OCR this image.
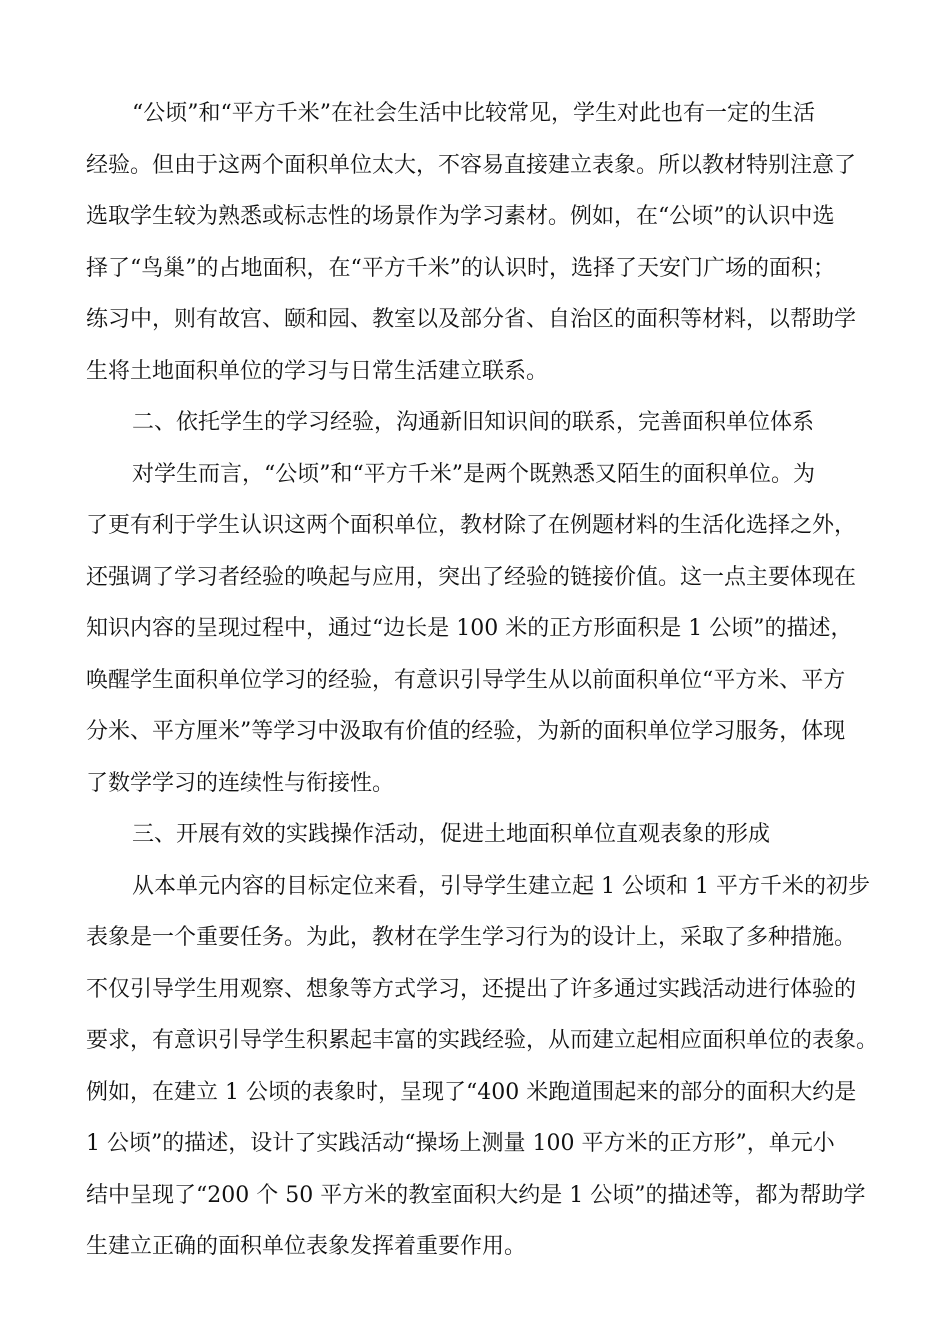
“公顷”和“平方千米”在社会生活中比较常见，学生对此也有一定的生活
经验。但由于这两个面积单位太大，不容易直接建立表象。所以教材特别注意了
选取学生较为熟悉或标志性的场景作为学习素材。例如，在“公顷”的认识中选
择了“鸟巢”的占地面积，在“平方千米”的认识时，选择了天安门广场的面积；
练习中，则有故宫、颐和园、教室以及部分省、自治区的面积等材料，以帮助学
生将土地面积单位的学习与日常生活建立联系。
二、依托学生的学习经验，沟通新旧知识间的联系，完善面积单位体系
对学生而言，“公顷”和“平方千米”是两个既熟悉又陌生的面积单位。为
了更有利于学生认识这两个面积单位，教材除了在例题材料的生活化选择之外，
还强调了学习者经验的唤起与应用，突出了经验的链接价值。这一点主要体现在
知识内容的呈现过程中，通过“边长是 100 米的正方形面积是 1 公顷”的描述，
唤醒学生面积单位学习的经验，有意识引导学生从以前面积单位“平方米、平方
分米、平方厘米”等学习中汲取有价值的经验，为新的面积单位学习服务，体现
了数学学习的连续性与衔接性。
三、开展有效的实践操作活动，促进土地面积单位直观表象的形成
从本单元内容的目标定位来看，引导学生建立起 1 公顷和 1 平方千米的初步
表象是一个重要任务。为此，教材在学生学习行为的设计上，采取了多种措施。
不仅引导学生用观察、想象等方式学习，还提出了许多通过实践活动进行体验的
要求，有意识引导学生积累起丰富的实践经验，从而建立起相应面积单位的表象。
例如，在建立 1 公顷的表象时，呈现了“400 米跑道围起来的部分的面积大约是
1 公顷”的描述，设计了实践活动“操场上测量 100 平方米的正方形”，单元小
结中呈现了“200 个 50 平方米的教室面积大约是 1 公顷”的描述等，都为帮助学
生建立正确的面积单位表象发挥着重要作用。
